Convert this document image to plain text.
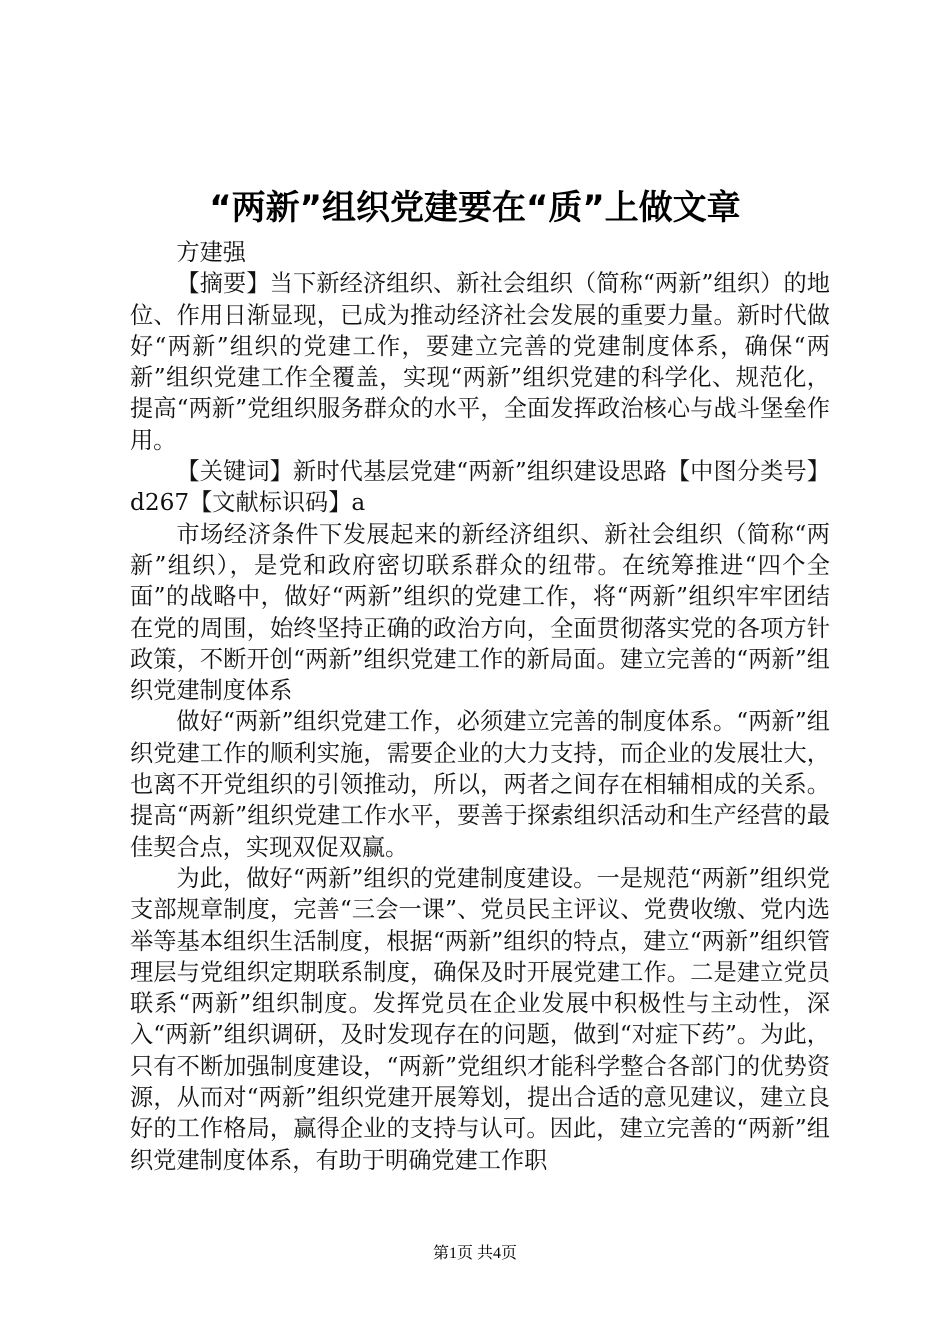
“两新”组织党建要在“质”上做文章

方建强

【摘要】当下新经济组织、新社会组织（简称“两新”组织）的地位、作用日渐显现，已成为推动经济社会发展的重要力量。新时代做好“两新”组织的党建工作，要建立完善的党建制度体系，确保“两新”组织党建工作全覆盖，实现“两新”组织党建的科学化、规范化，提高“两新”党组织服务群众的水平，全面发挥政治核心与战斗堡垒作用。

【关键词】新时代基层党建“两新”组织建设思路【中图分类号】d267【文献标识码】a

市场经济条件下发展起来的新经济组织、新社会组织（简称“两新”组织），是党和政府密切联系群众的纽带。在统筹推进“四个全面”的战略中，做好“两新”组织的党建工作，将“两新”组织牢牢团结在党的周围，始终坚持正确的政治方向，全面贯彻落实党的各项方针政策，不断开创“两新”组织党建工作的新局面。建立完善的“两新”组织党建制度体系

做好“两新”组织党建工作，必须建立完善的制度体系。“两新”组织党建工作的顺利实施，需要企业的大力支持，而企业的发展壮大，也离不开党组织的引领推动，所以，两者之间存在相辅相成的关系。提高“两新”组织党建工作水平，要善于探索组织活动和生产经营的最佳契合点，实现双促双赢。

为此，做好“两新”组织的党建制度建设。一是规范“两新”组织党支部规章制度，完善“三会一课”、党员民主评议、党费收缴、党内选举等基本组织生活制度，根据“两新”组织的特点，建立“两新”组织管理层与党组织定期联系制度，确保及时开展党建工作。二是建立党员联系“两新”组织制度。发挥党员在企业发展中积极性与主动性，深入“两新”组织调研，及时发现存在的问题，做到“对症下药”。为此，只有不断加强制度建设，“两新”党组织才能科学整合各部门的优势资源，从而对“两新”组织党建开展筹划，提出合适的意见建议，建立良好的工作格局，赢得企业的支持与认可。因此，建立完善的“两新”组织党建制度体系，有助于明确党建工作职

第1页 共4页
